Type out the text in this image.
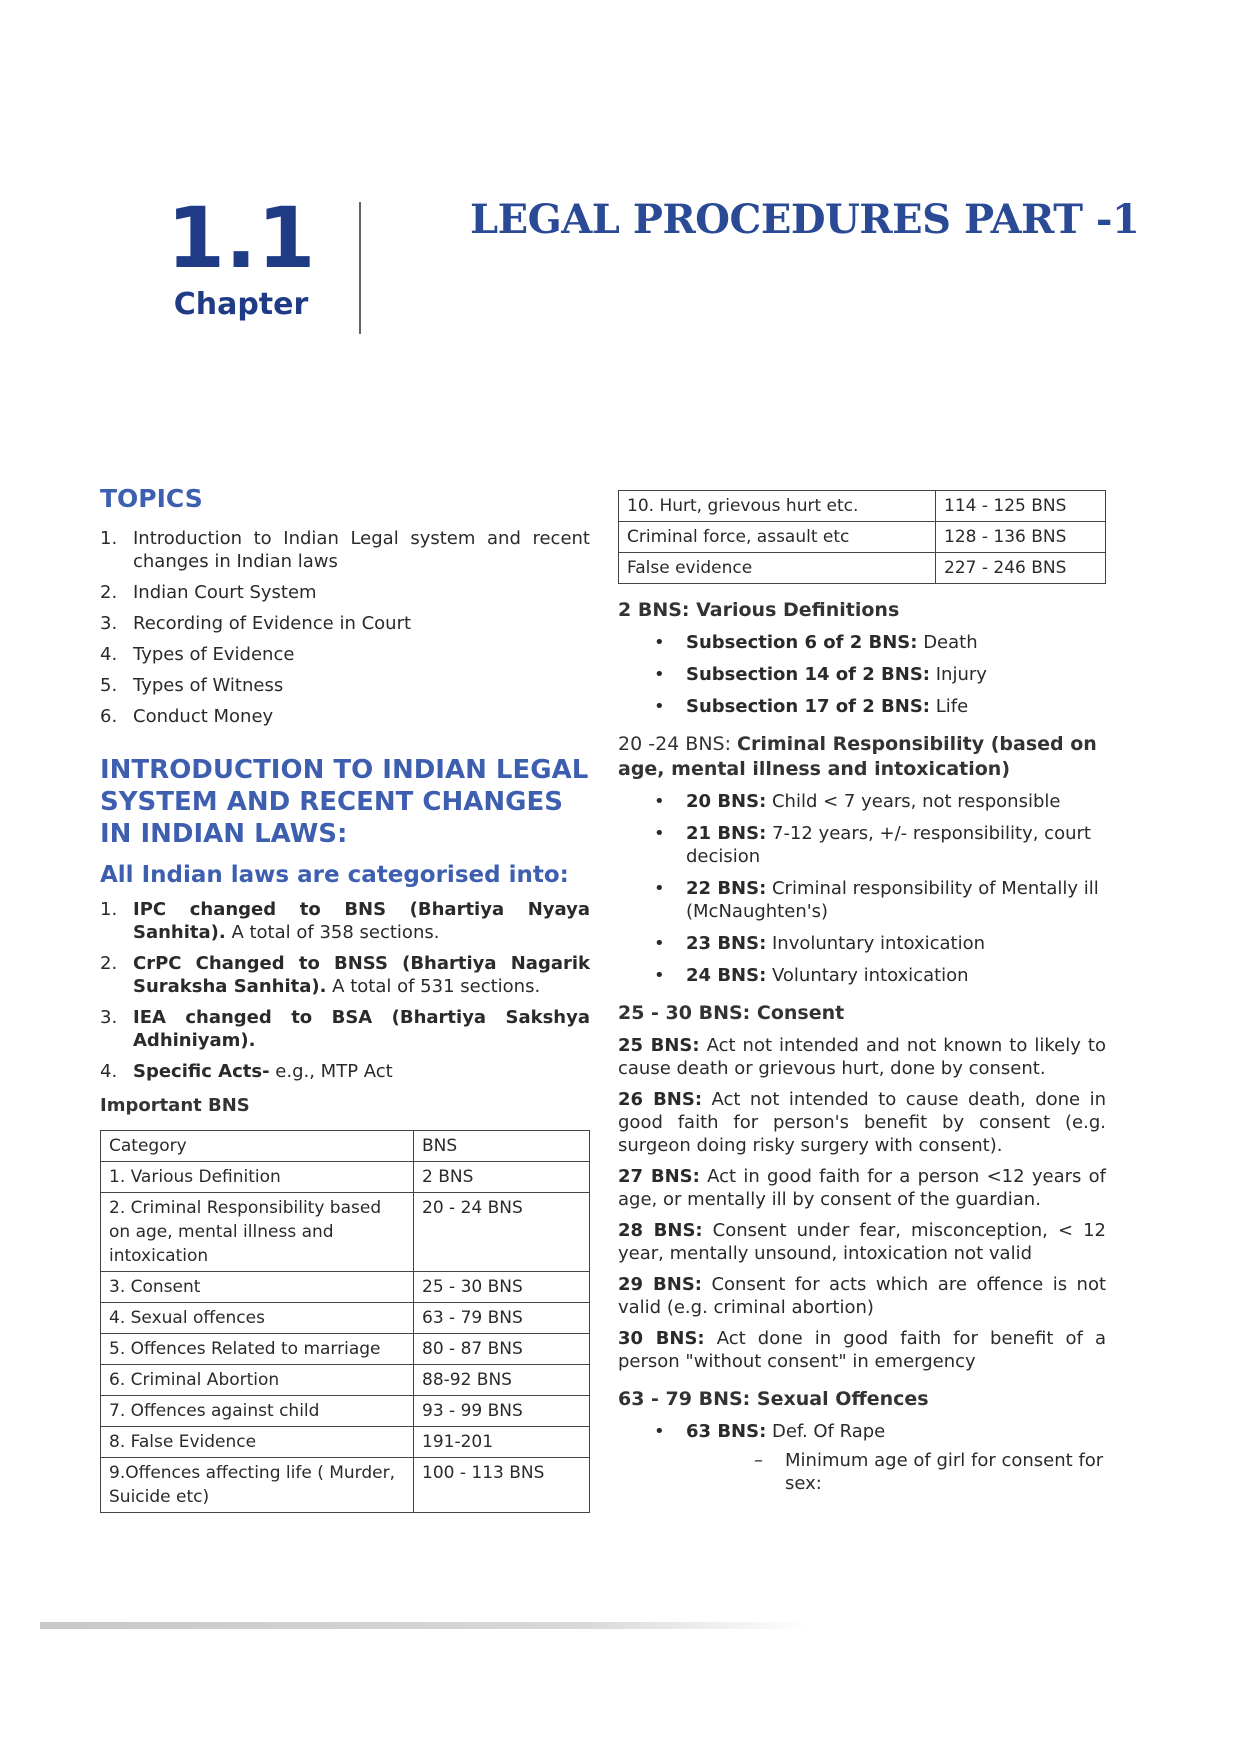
1.1
Chapter
LEGAL PROCEDURES PART -1
TOPICS
1. Introduction to Indian Legal system and recent changes in Indian laws
2. Indian Court System
3. Recording of Evidence in Court
4. Types of Evidence
5. Types of Witness
6. Conduct Money
INTRODUCTION TO INDIAN LEGAL SYSTEM AND RECENT CHANGES IN INDIAN LAWS:
All Indian laws are categorised into:
1. IPC changed to BNS (Bhartiya Nyaya Sanhita). A total of 358 sections.
2. CrPC Changed to BNSS (Bhartiya Nagarik Suraksha Sanhita). A total of 531 sections.
3. IEA changed to BSA (Bhartiya Sakshya Adhiniyam).
4. Specific Acts- e.g., MTP Act
Important BNS
Category	BNS
1. Various Definition	2 BNS
2. Criminal Responsibility based on age, mental illness and intoxication	20 - 24 BNS
3. Consent	25 - 30 BNS
4. Sexual offences	63 - 79 BNS
5. Offences Related to marriage	80 - 87 BNS
6. Criminal Abortion	88-92 BNS
7. Offences against child	93 - 99 BNS
8. False Evidence	191-201
9.Offences affecting life ( Murder, Suicide etc)	100 - 113 BNS
10. Hurt, grievous hurt etc.	114 - 125 BNS
Criminal force, assault etc	128 - 136 BNS
False evidence	227 - 246 BNS
2 BNS: Various Definitions
• Subsection 6 of 2 BNS: Death
• Subsection 14 of 2 BNS: Injury
• Subsection 17 of 2 BNS: Life
20 -24 BNS: Criminal Responsibility (based on age, mental illness and intoxication)
• 20 BNS: Child < 7 years, not responsible
• 21 BNS: 7-12 years, +/- responsibility, court decision
• 22 BNS: Criminal responsibility of Mentally ill (McNaughten's)
• 23 BNS: Involuntary intoxication
• 24 BNS: Voluntary intoxication
25 - 30 BNS: Consent

25 BNS: Act not intended and not known to likely to cause death or grievous hurt, done by consent.

26 BNS: Act not intended to cause death, done in good faith for person's benefit by consent (e.g. surgeon doing risky surgery with consent).

27 BNS: Act in good faith for a person <12 years of age, or mentally ill by consent of the guardian.

28 BNS: Consent under fear, misconception, < 12 year, mentally unsound, intoxication not valid

29 BNS: Consent for acts which are offence is not valid (e.g. criminal abortion)

30 BNS: Act done in good faith for benefit of a person "without consent" in emergency

63 - 79 BNS: Sexual Offences
• 63 BNS: Def. Of Rape
– Minimum age of girl for consent for sex:
